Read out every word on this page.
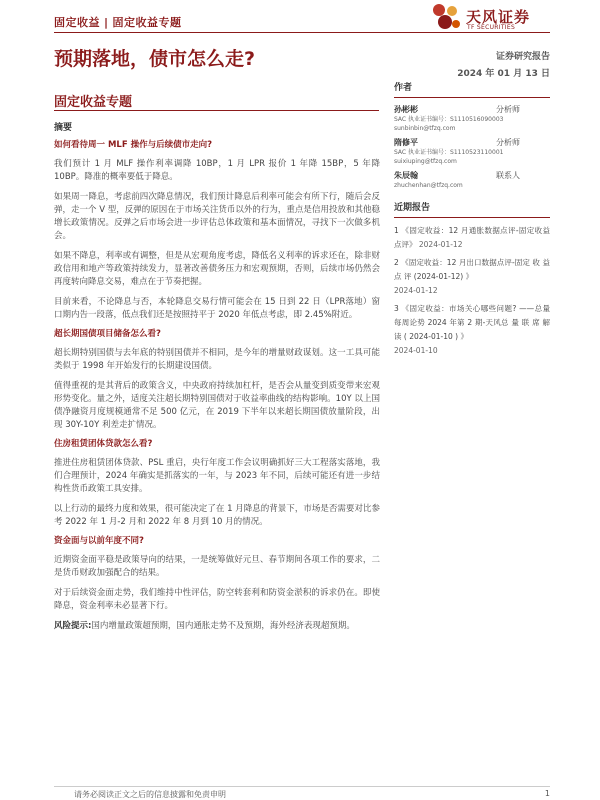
固定收益 | 固定收益专题	天风证券
TF SECURITIES
预期落地，债市怎么走?	证券研究报告
2024 年 01 月 13 日
固定收益专题
摘要
如何看待周一 MLF 操作与后续债市走向?

我们预计 1 月 MLF 操作利率调降 10BP，1 月 LPR 报价 1 年降 15BP，5 年降 10BP。降准的概率要低于降息。

如果周一降息，考虑前四次降息情况，我们预计降息后利率可能会有所下行，随后会反弹，走一个 V 型，反弹的原因在于市场关注货币以外的行为，重点是信用投放和其他稳增长政策情况。反弹之后市场会进一步评估总体政策和基本面情况，寻找下一次做多机会。

如果不降息，利率或有调整，但是从宏观角度考虑，降低名义利率的诉求还在，除非财政信用和地产等政策持续发力，显著改善债务压力和宏观预期，否则，后续市场仍然会再度转向降息交易，难点在于节奏把握。

目前来看，不论降息与否，本轮降息交易行情可能会在 15 日到 22 日（LPR落地）窗口期内告一段落，低点我们还是按照持平于 2020 年低点考虑，即 2.45%附近。

超长期国债项目储备怎么看?

超长期特别国债与去年底的特别国债并不相同，是今年的增量财政谋划。这一工具可能类似于 1998 年开始发行的长期建设国债。

值得重视的是其背后的政策含义，中央政府持续加杠杆，是否会从量变到质变带来宏观形势变化。量之外，适度关注超长期特别国债对于收益率曲线的结构影响。10Y 以上国债净融资月度规模通常不足 500 亿元，在 2019 下半年以来超长期国债放量阶段，出现 30Y-10Y 利差走扩情况。

住房租赁团体贷款怎么看?

推进住房租赁团体贷款、PSL 重启，央行年度工作会议明确抓好三大工程落实落地，我们合理预计，2024 年确实是抓落实的一年，与 2023 年不同，后续可能还有进一步结构性货币政策工具安排。

以上行动的最终力度和效果，很可能决定了在 1 月降息的背景下，市场是否需要对比参考 2022 年 1 月-2 月和 2022 年 8 月到 10 月的情况。

资金面与以前年度不同?

近期资金面平稳是政策导向的结果，一是统筹做好元旦、春节期间各项工作的要求，二是货币财政加强配合的结果。

对于后续资金面走势，我们维持中性评估，防空转套利和防资金淤积的诉求仍在。即使降息，资金利率未必显著下行。

风险提示:国内增量政策超预期，国内通胀走势不及预期，海外经济表现超预期。

作者
孙彬彬	分析师
SAC 执业证书编号：S1110516090003
sunbinbin@tfzq.com
隋修平	分析师
SAC 执业证书编号：S1110523110001
suixiuping@tfzq.com
朱辰翰	联系人
zhuchenhan@tfzq.com
近期报告
1 《固定收益：12 月通胀数据点评-固定收益点评》 2024-01-12
2 《固定收益：12 月出口数据点评-固定 收 益 点 评 (2024-01-12) 》
2024-01-12
3 《固定收益：市场关心哪些问题? ——总量每周论势 2024 年第 2 期-天风总 量 联 席 解 读 ( 2024-01-10 ) 》
2024-01-10
请务必阅读正文之后的信息披露和免责申明	1
